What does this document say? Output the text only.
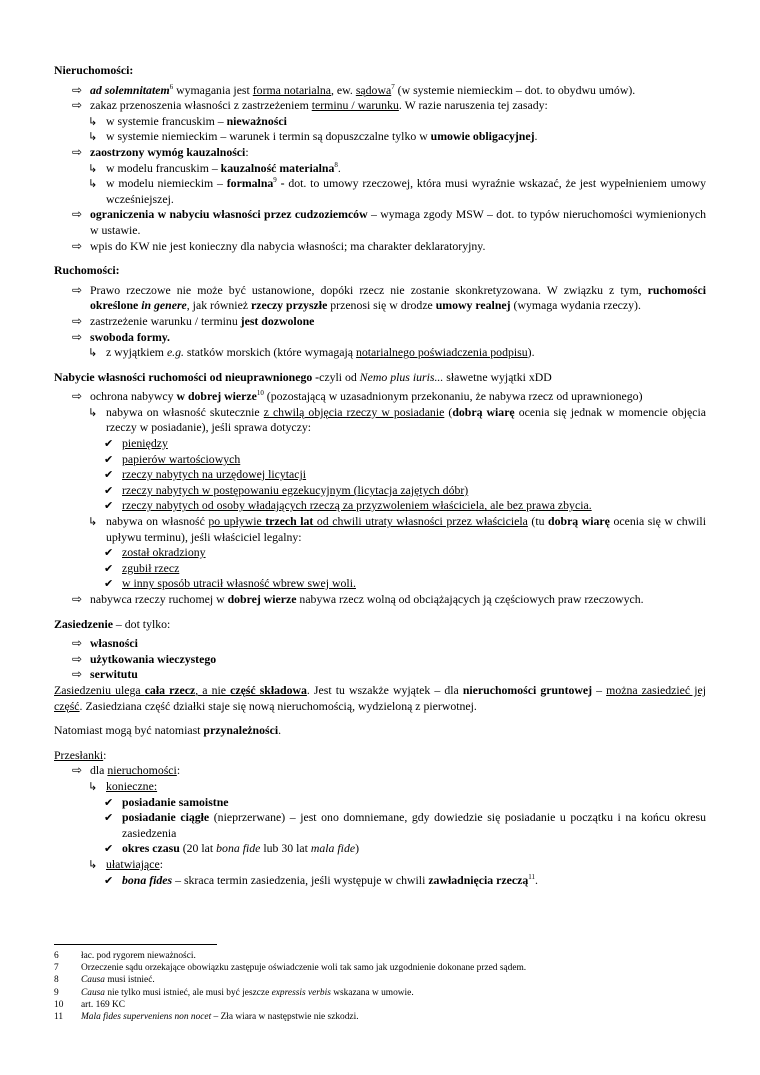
Nieruchomości:

⇨ ad solemnitatem$^6$ wymagania jest forma notarialna, ew. sądowa$^7$ (w systemie niemieckim – dot. to obydwu umów).
⇨ zakaz przenoszenia własności z zastrzeżeniem terminu / warunku. W razie naruszenia tej zasady:
↳ w systemie francuskim – nieważności
↳ w systemie niemieckim – warunek i termin są dopuszczalne tylko w umowie obligacyjnej.
⇨ zaostrzony wymóg kauzalności:
↳ w modelu francuskim – kauzalność materialna$^8$.
↳ w modelu niemieckim – formalna$^9$ - dot. to umowy rzeczowej, która musi wyraźnie wskazać, że jest wypełnieniem umowy wcześniejszej.
⇨ ograniczenia w nabyciu własności przez cudzoziemców – wymaga zgody MSW – dot. to typów nieruchomości wymienionych w ustawie.
⇨ wpis do KW nie jest konieczny dla nabycia własności; ma charakter deklaratoryjny.

Ruchomości:

⇨ Prawo rzeczowe nie może być ustanowione, dopóki rzecz nie zostanie skonkretyzowana. W związku z tym, ruchomości określone in genere, jak również rzeczy przyszłe przenosi się w drodze umowy realnej (wymaga wydania rzeczy).
⇨ zastrzeżenie warunku / terminu jest dozwolone
⇨ swoboda formy.
↳ z wyjątkiem e.g. statków morskich (które wymagają notarialnego poświadczenia podpisu).

Nabycie własności ruchomości od nieuprawnionego -czyli od Nemo plus iuris... sławetne wyjątki xDD

⇨ ochrona nabywcy w dobrej wierze$^{10}$ (pozostającą w uzasadnionym przekonaniu, że nabywa rzecz od uprawnionego)
↳ nabywa on własność skutecznie z chwilą objęcia rzeczy w posiadanie (dobrą wiarę ocenia się jednak w momencie objęcia rzeczy w posiadanie), jeśli sprawa dotyczy:
✔ pieniędzy
✔ papierów wartościowych
✔ rzeczy nabytych na urzędowej licytacji
✔ rzeczy nabytych w postępowaniu egzekucyjnym (licytacja zajętych dóbr)
✔ rzeczy nabytych od osoby władających rzeczą za przyzwoleniem właściciela, ale bez prawa zbycia.
↳ nabywa on własność po upływie trzech lat od chwili utraty własności przez właściciela (tu dobrą wiarę ocenia się w chwili upływu terminu), jeśli właściciel legalny:
✔ został okradziony
✔ zgubił rzecz
✔ w inny sposób utracił własność wbrew swej woli.
⇨ nabywca rzeczy ruchomej w dobrej wierze nabywa rzecz wolną od obciążających ją częściowych praw rzeczowych.

Zasiedzenie – dot tylko:

⇨ własności
⇨ użytkowania wieczystego
⇨ serwitutu

Zasiedzeniu ulega cała rzecz, a nie część składowa. Jest tu wszakże wyjątek – dla nieruchomości gruntowej – można zasiedzieć jej część. Zasiedziana część działki staje się nową nieruchomością, wydzieloną z pierwotnej.

Natomiast mogą być natomiast przynależności.

Przesłanki:

⇨ dla nieruchomości:
↳ konieczne:
✔ posiadanie samoistne
✔ posiadanie ciągłe (nieprzerwane) – jest ono domniemane, gdy dowiedzie się posiadanie u początku i na końcu okresu zasiedzenia
✔ okres czasu (20 lat bona fide lub 30 lat mala fide)
↳ ułatwiające:
✔ bona fides – skraca termin zasiedzenia, jeśli występuje w chwili zawładnięcia rzeczą$^{11}$.
6 łac. pod rygorem nieważności.
7 Orzeczenie sądu orzekające obowiązku zastępuje oświadczenie woli tak samo jak uzgodnienie dokonane przed sądem.
8 Causa musi istnieć.
9 Causa nie tylko musi istnieć, ale musi być jeszcze expressis verbis wskazana w umowie.
10 art. 169 KC
11 Mala fides superveniens non nocet – Zła wiara w następstwie nie szkodzi.
